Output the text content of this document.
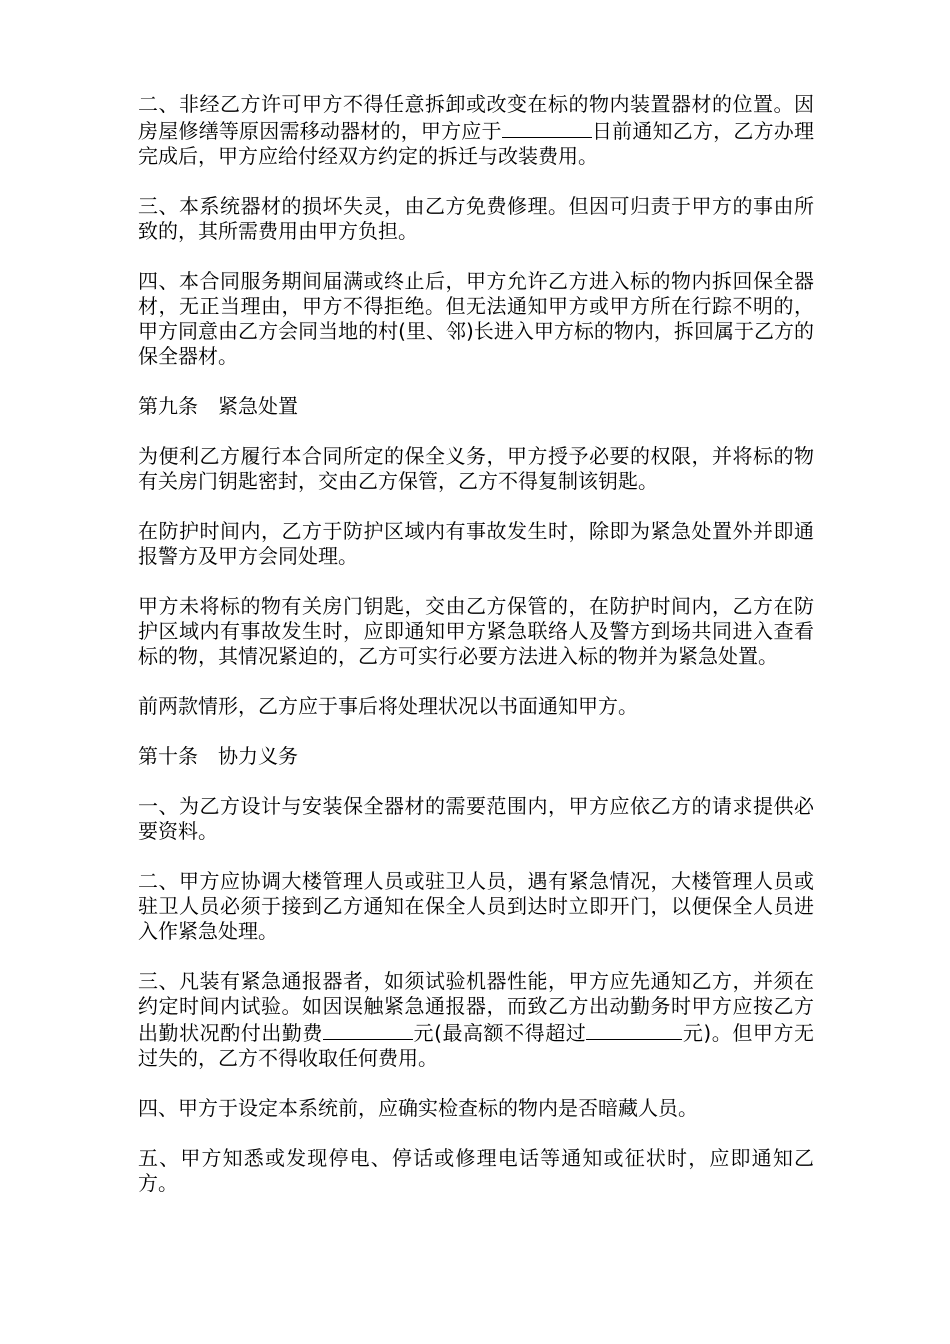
二、非经乙方许可甲方不得任意拆卸或改变在标的物内装置器材的位置。因房屋修缮等原因需移动器材的，甲方应于	日前通知乙方，乙方办理完成后，甲方应给付经双方约定的拆迁与改装费用。

三、本系统器材的损坏失灵，由乙方免费修理。但因可归责于甲方的事由所致的，其所需费用由甲方负担。

四、本合同服务期间届满或终止后，甲方允许乙方进入标的物内拆回保全器材，无正当理由，甲方不得拒绝。但无法通知甲方或甲方所在行踪不明的，甲方同意由乙方会同当地的村(里、邻)长进入甲方标的物内，拆回属于乙方的保全器材。

第九条　紧急处置

为便利乙方履行本合同所定的保全义务，甲方授予必要的权限，并将标的物有关房门钥匙密封，交由乙方保管，乙方不得复制该钥匙。

在防护时间内，乙方于防护区域内有事故发生时，除即为紧急处置外并即通报警方及甲方会同处理。

甲方未将标的物有关房门钥匙，交由乙方保管的，在防护时间内，乙方在防护区域内有事故发生时，应即通知甲方紧急联络人及警方到场共同进入查看标的物，其情况紧迫的，乙方可实行必要方法进入标的物并为紧急处置。

前两款情形，乙方应于事后将处理状况以书面通知甲方。

第十条　协力义务

一、为乙方设计与安装保全器材的需要范围内，甲方应依乙方的请求提供必要资料。

二、甲方应协调大楼管理人员或驻卫人员，遇有紧急情况，大楼管理人员或驻卫人员必须于接到乙方通知在保全人员到达时立即开门，以便保全人员进入作紧急处理。

三、凡装有紧急通报器者，如须试验机器性能，甲方应先通知乙方，并须在约定时间内试验。如因误触紧急通报器，而致乙方出动勤务时甲方应按乙方出勤状况酌付出勤费	元(最高额不得超过	元)。但甲方无过失的，乙方不得收取任何费用。

四、甲方于设定本系统前，应确实检查标的物内是否暗藏人员。

五、甲方知悉或发现停电、停话或修理电话等通知或征状时，应即通知乙方。
